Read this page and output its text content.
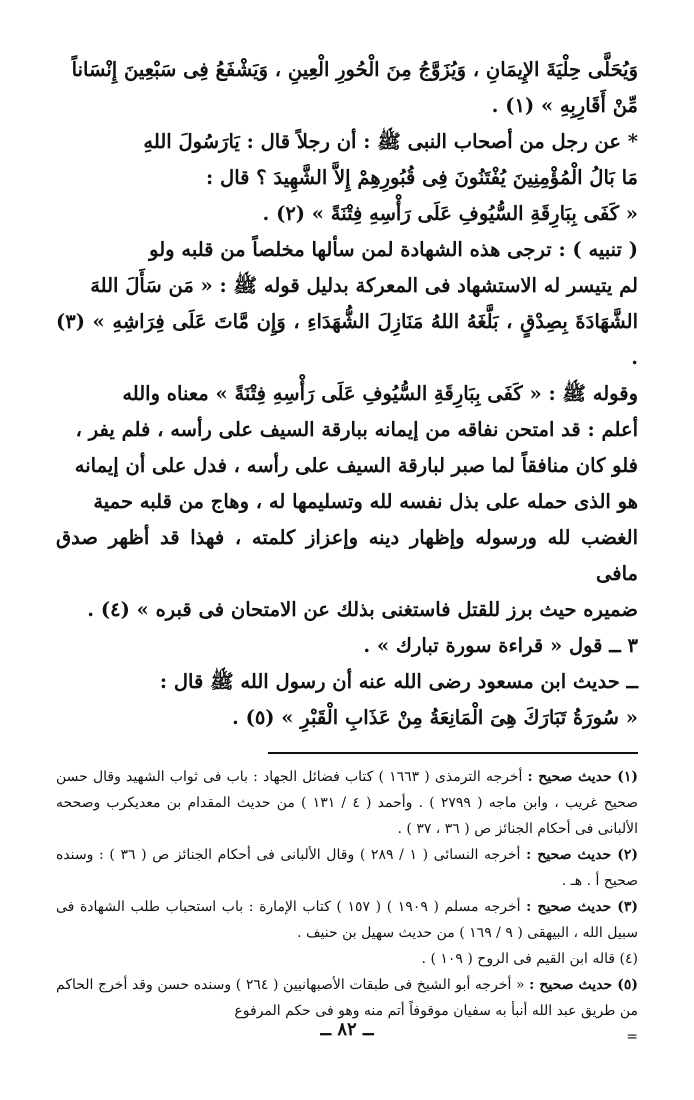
وَيُحَلَّى حِلْيَةَ الإِيمَانِ ، وَيُزَوَّجُ مِنَ الْحُورِ الْعِينِ ، وَيَشْفَعُ فِى سَبْعِينَ إِنْسَاناً

مِّنْ أَقَارِبِهِ » (١) .

* عن رجل من أصحاب النبى ﷺ : أن رجلاً قال : يَارَسُولَ اللهِ

مَا بَالُ الْمُؤْمِنِينَ يُفْتَنُونَ فِى قُبُورِهِمْ إِلاَّ الشَّهِيدَ ؟ قال :

« كَفَى بِبَارِقَةِ السُّيُوفِ عَلَى رَأْسِهِ فِتْنَةً » (٢) .

( تنبيه ) : ترجى هذه الشهادة لمن سألها مخلصاً من قلبه ولو

لم يتيسر له الاستشهاد فى المعركة بدليل قوله ﷺ : « مَن سَأَلَ اللهَ

الشَّهَادَةَ بِصِدْقٍ ، بَلَّغَهُ اللهُ مَنَازِلَ الشُّهَدَاءِ ، وَإِن مَّاتَ عَلَى فِرَاشِهِ » (٣) .

وقوله ﷺ : « كَفَى بِبَارِقَةِ السُّيُوفِ عَلَى رَأْسِهِ فِتْنَةً » معناه والله

أعلم : قد امتحن نفاقه من إيمانه ببارقة السيف على رأسه ، فلم يفر ،

فلو كان منافقاً لما صبر لبارقة السيف على رأسه ، فدل على أن إيمانه

هو الذى حمله على بذل نفسه لله وتسليمها له ، وهاج من قلبه حمية

الغضب لله ورسوله وإظهار دينه وإعزاز كلمته ، فهذا قد أظهر صدق مافى

ضميره حيث برز للقتل فاستغنى بذلك عن الامتحان فى قبره » (٤) .

٣ ــ قول « قراءة سورة تبارك » .

ــ حديث ابن مسعود رضى الله عنه أن رسول الله ﷺ قال :

« سُورَةُ تَبَارَكَ هِىَ الْمَانِعَةُ مِنْ عَذَابِ الْقَبْرِ » (٥) .

(١) حديث صحيح : أخرجه الترمذى ( ١٦٦٣ ) كتاب فضائل الجهاد : باب فى ثواب الشهيد وقال حسن صحيح غريب ، وابن ماجه ( ٢٧٩٩ ) . وأحمد ( ٤ / ١٣١ ) من حديث المقدام بن معديكرب وصححه الألبانى فى أحكام الجنائز ص ( ٣٦ ، ٣٧ ) .

(٢) حديث صحيح : أخرجه النسائى ( ١ / ٢٨٩ ) وقال الألبانى فى أحكام الجنائز ص ( ٣٦ ) : وسنده صحيح أ . هـ .

(٣) حديث صحيح : أخرجه مسلم ( ١٩٠٩ ) ( ١٥٧ ) كتاب الإمارة : باب استحباب طلب الشهادة فى سبيل الله ، البيهقى ( ٩ / ١٦٩ ) من حديث سهيل بن حنيف .

(٤) قاله ابن القيم فى الروح ( ١٠٩ ) .

(٥) حديث صحيح : « أخرجه أبو الشيخ فى طبقات الأصبهانيين ( ٢٦٤ ) وسنده حسن وقد أخرج الحاكم من طريق عبد الله أنبأ به سفيان موقوفاً أتم منه وهو فى حكم المرفوع

=

ــ ٨٢ ــ
